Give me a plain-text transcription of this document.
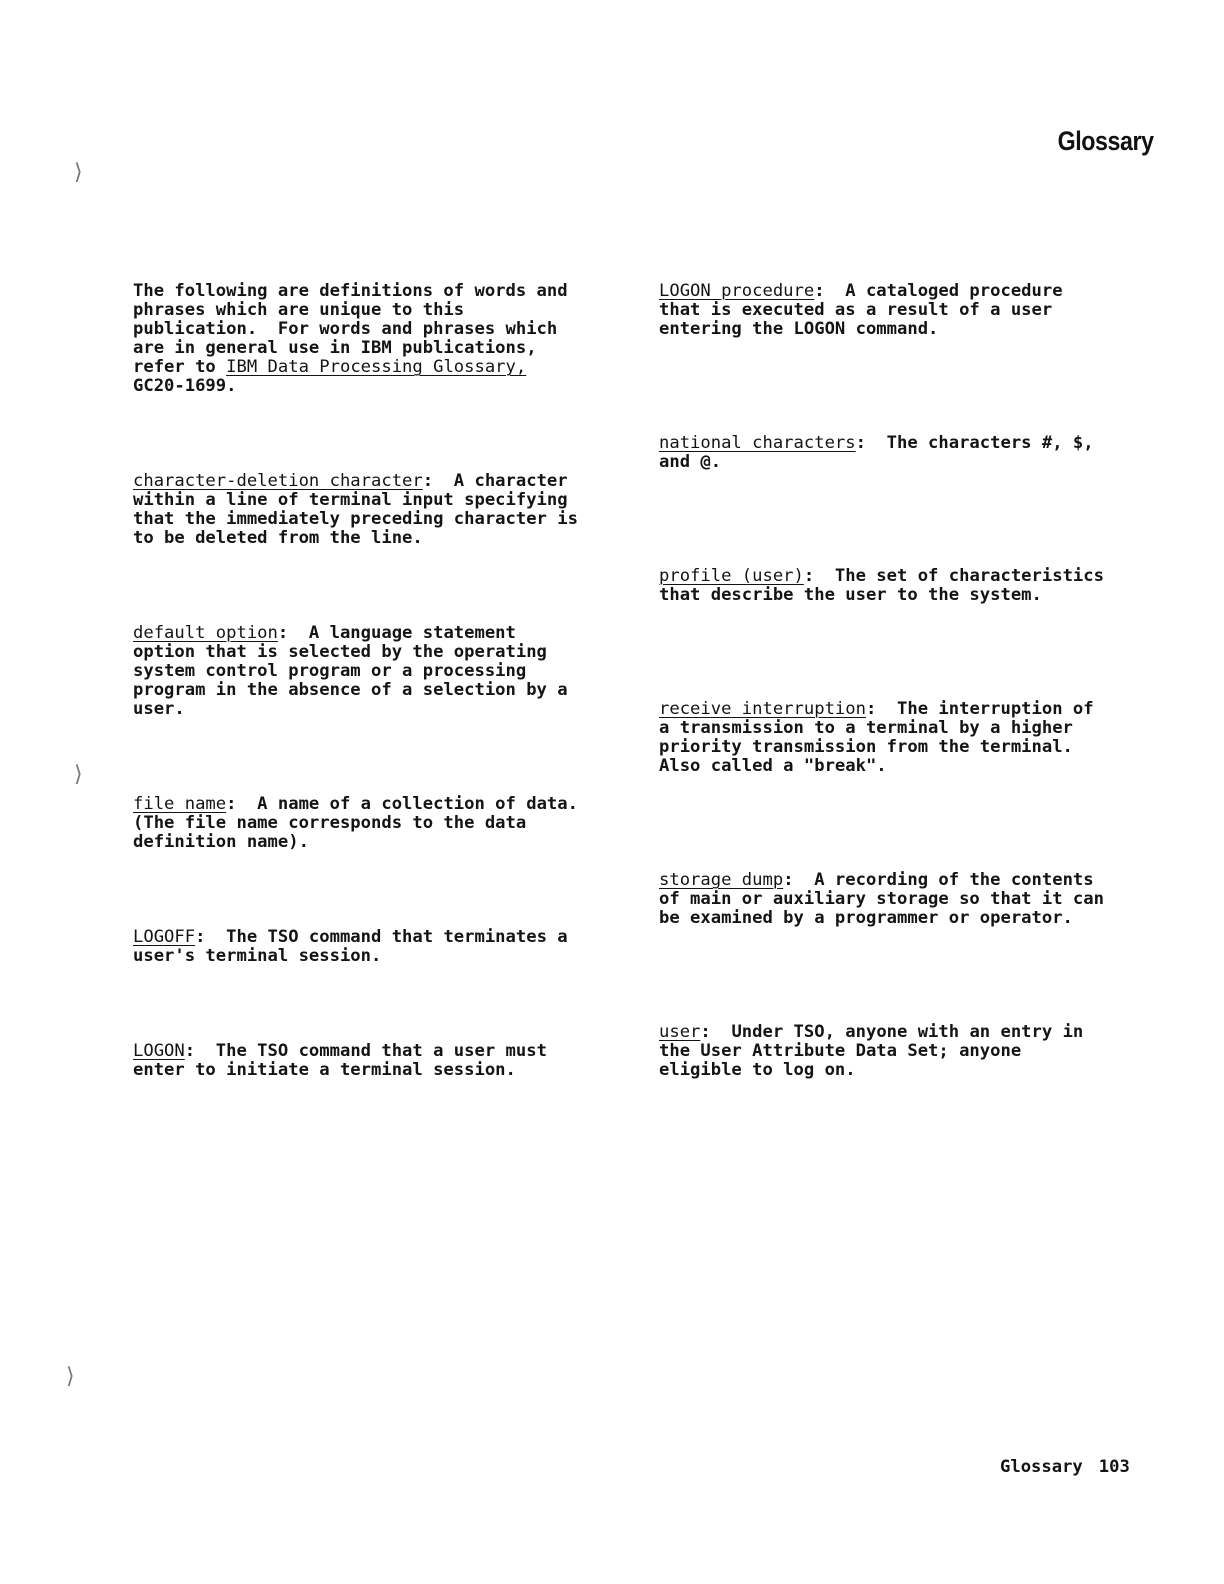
Glossary

The following are definitions of words and
phrases which are unique to this
publication.  For words and phrases which
are in general use in IBM publications,
refer to IBM Data Processing Glossary,
GC20-1699.

character-deletion character:  A character
within a line of terminal input specifying
that the immediately preceding character is
to be deleted from the line.

default option:  A language statement
option that is selected by the operating
system control program or a processing
program in the absence of a selection by a
user.

file name:  A name of a collection of data.
(The file name corresponds to the data
definition name).

LOGOFF:  The TSO command that terminates a
user's terminal session.

LOGON:  The TSO command that a user must
enter to initiate a terminal session.

LOGON procedure:  A cataloged procedure
that is executed as a result of a user
entering the LOGON command.

national characters:  The characters #, $,
and @.

profile (user):  The set of characteristics
that describe the user to the system.

receive interruption:  The interruption of
a transmission to a terminal by a higher
priority transmission from the terminal.
Also called a "break".

storage dump:  A recording of the contents
of main or auxiliary storage so that it can
be examined by a programmer or operator.

user:  Under TSO, anyone with an entry in
the User Attribute Data Set; anyone
eligible to log on.

⟩
⟩
⟩
Glossary 103
